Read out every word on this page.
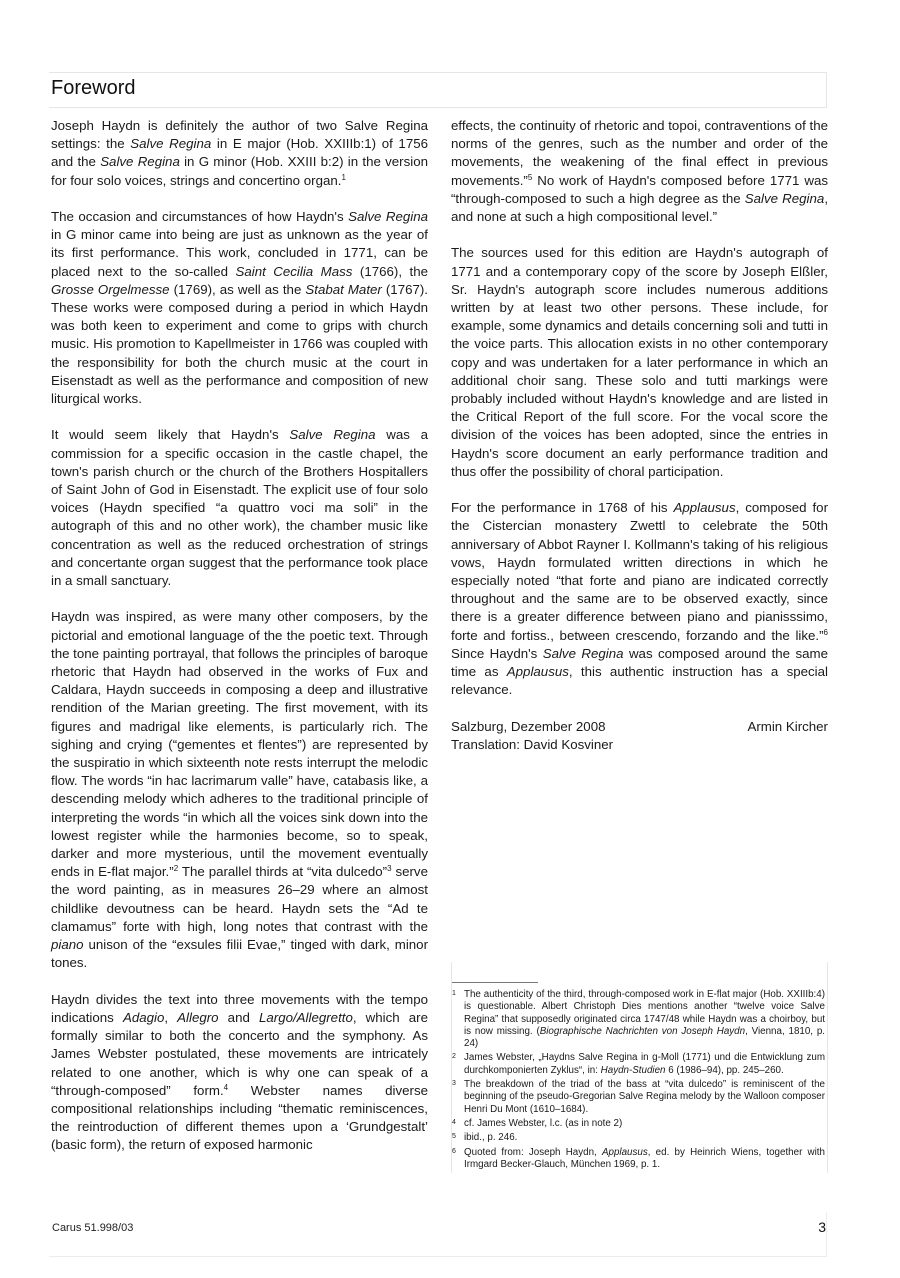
Foreword

Joseph Haydn is definitely the author of two Salve Regina settings: the Salve Regina in E major (Hob. XXIIIb:1) of 1756 and the Salve Regina in G minor (Hob. XXIII b:2) in the version for four solo voices, strings and concertino organ.$^1$

The occasion and circumstances of how Haydn's Salve Regina in G minor came into being are just as unknown as the year of its first performance. This work, concluded in 1771, can be placed next to the so-called Saint Cecilia Mass (1766), the Grosse Orgelmesse (1769), as well as the Stabat Mater (1767). These works were composed during a period in which Haydn was both keen to experiment and come to grips with church music. His promotion to Kapellmeister in 1766 was coupled with the responsibility for both the church music at the court in Eisenstadt as well as the performance and composition of new liturgical works.

It would seem likely that Haydn's Salve Regina was a commission for a specific occasion in the castle chapel, the town's parish church or the church of the Brothers Hospitallers of Saint John of God in Eisenstadt. The explicit use of four solo voices (Haydn specified “a quattro voci ma soli” in the autograph of this and no other work), the chamber music like concentration as well as the reduced orchestration of strings and concertante organ suggest that the performance took place in a small sanctuary.

Haydn was inspired, as were many other composers, by the pictorial and emotional language of the the poetic text. Through the tone painting portrayal, that follows the principles of baroque rhetoric that Haydn had observed in the works of Fux and Caldara, Haydn succeeds in composing a deep and illustrative rendition of the Marian greeting. The first movement, with its figures and madrigal like elements, is particularly rich. The sighing and crying (“gementes et flentes”) are represented by the suspiratio in which sixteenth note rests interrupt the melodic flow. The words “in hac lacrimarum valle” have, catabasis like, a descending melody which adheres to the traditional principle of interpreting the words “in which all the voices sink down into the lowest register while the harmonies become, so to speak, darker and more mysterious, until the movement eventually ends in E-flat major.”$^2$ The parallel thirds at “vita dulcedo”$^3$ serve the word painting, as in measures 26–29 where an almost childlike devoutness can be heard. Haydn sets the “Ad te clamamus” forte with high, long notes that contrast with the piano unison of the “exsules filii Evae,” tinged with dark, minor tones.

Haydn divides the text into three movements with the tempo indications Adagio, Allegro and Largo/Allegretto, which are formally similar to both the concerto and the symphony. As James Webster postulated, these movements are intricately related to one another, which is why one can speak of a “through-composed” form.$^4$ Webster names diverse compositional relationships including “thematic reminiscences, the reintroduction of different themes upon a ‘Grundgestalt’ (basic form), the return of exposed harmonic

effects, the continuity of rhetoric and topoi, contraventions of the norms of the genres, such as the number and order of the movements, the weakening of the final effect in previous movements.”$^5$ No work of Haydn's composed before 1771 was “through-composed to such a high degree as the Salve Regina, and none at such a high compositional level.”

The sources used for this edition are Haydn's autograph of 1771 and a contemporary copy of the score by Joseph Elßler, Sr. Haydn's autograph score includes numerous additions written by at least two other persons. These include, for example, some dynamics and details concerning soli and tutti in the voice parts. This allocation exists in no other contemporary copy and was undertaken for a later performance in which an additional choir sang. These solo and tutti markings were probably included without Haydn's knowledge and are listed in the Critical Report of the full score. For the vocal score the division of the voices has been adopted, since the entries in Haydn's score document an early performance tradition and thus offer the possibility of choral participation.

For the performance in 1768 of his Applausus, composed for the Cistercian monastery Zwettl to celebrate the 50th anniversary of Abbot Rayner I. Kollmann's taking of his religious vows, Haydn formulated written directions in which he especially noted “that forte and piano are indicated correctly throughout and the same are to be observed exactly, since there is a greater difference between piano and pianisssimo, forte and fortiss., between crescendo, forzando and the like.”$^6$ Since Haydn's Salve Regina was composed around the same time as Applausus, this authentic instruction has a special relevance.

Salzburg, Dezember 2008	Armin Kircher

Translation: David Kosviner

1 The authenticity of the third, through-composed work in E-flat major (Hob. XXIIIb:4) is questionable. Albert Christoph Dies mentions another “twelve voice Salve Regina” that supposedly originated circa 1747/48 while Haydn was a choirboy, but is now missing. (Biographische Nachrichten von Joseph Haydn, Vienna, 1810, p. 24)
2 James Webster, „Haydns Salve Regina in g-Moll (1771) und die Entwicklung zum durchkomponierten Zyklus“, in: Haydn-Studien 6 (1986–94), pp. 245–260.
3 The breakdown of the triad of the bass at “vita dulcedo” is reminiscent of the beginning of the pseudo-Gregorian Salve Regina melody by the Walloon composer Henri Du Mont (1610–1684).
4 cf. James Webster, l.c. (as in note 2)
5 ibid., p. 246.
6 Quoted from: Joseph Haydn, Applausus, ed. by Heinrich Wiens, together with Irmgard Becker-Glauch, München 1969, p. 1.
Carus 51.998/03	3
